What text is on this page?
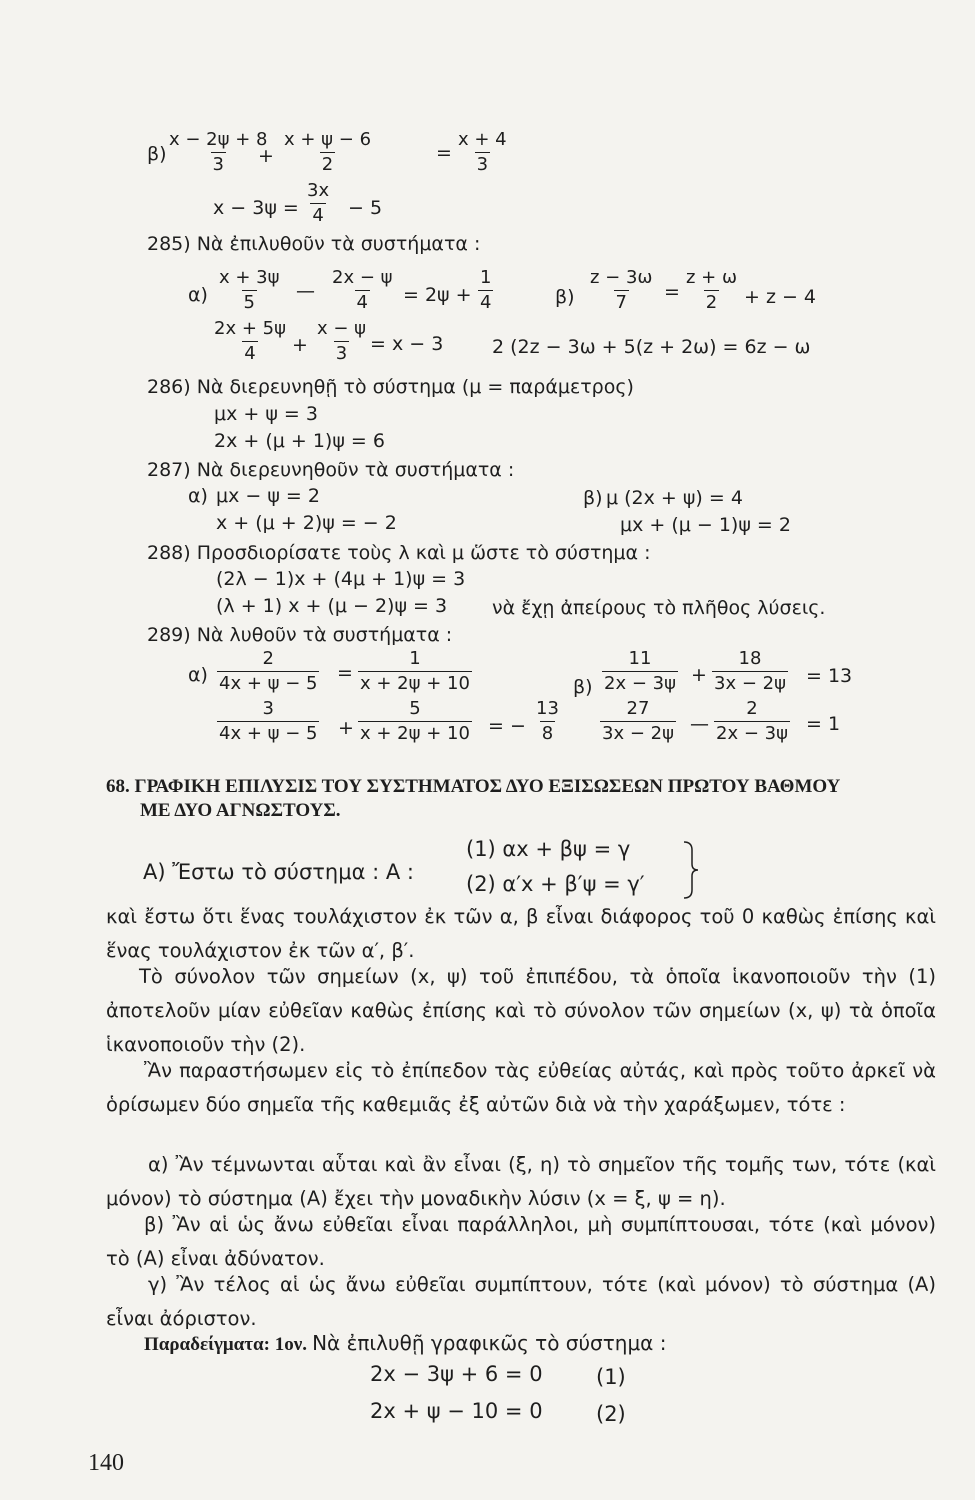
$\beta) \frac{x - 2\psi + 8}{3}$
+ $\frac{x + \psi - 6}{2}$	= $\frac{x + 4}{3}$
$x - 3\psi = \frac{3x}{4} - 5$
285) Νὰ ἐπιλυθοῦν τὰ συστήματα :
$\alpha) \frac{x + 3\psi}{5}$ — $\frac{2x - \psi}{4} = 2\psi + \frac{1}{4}$
$\frac{2x + 5\psi}{4} + \frac{x - \psi}{3} = x - 3$
$\beta) \frac{z - 3\omega}{7} = \frac{z + \omega}{2} + z - 4$
2 (2z − 3ω + 5(z + 2ω) = 6z − ω
286) Νὰ διερευνηθῇ τὸ σύστημα (μ = παράμετρος)
μx + ψ = 3
2x + (μ + 1)ψ = 6
287) Νὰ διερευνηθοῦν τὰ συστήματα :
α) μx − ψ = 2
x + (μ + 2)ψ = − 2
β) μ (2x + ψ) = 4
μx + (μ − 1)ψ = 2
288) Προσδιορίσατε τοὺς λ καὶ μ ὥστε τὸ σύστημα :
(2λ − 1)x + (4μ + 1)ψ = 3
(λ + 1) x + (μ − 2)ψ = 3 νὰ ἔχῃ ἀπείρους τὸ πλῆθος λύσεις.
289) Νὰ λυθοῦν τὰ συστήματα :
$\alpha) \frac{2}{4x + \psi - 5} = \frac{1}{x + 2\psi + 10}$
$\frac{3}{4x + \psi - 5} + \frac{5}{x + 2\psi + 10}$ = − $\frac{13}{8}$
$\beta) \frac{11}{2x - 3\psi} + \frac{18}{3x - 2\psi} = 13$
$\frac{27}{3x - 2\psi}$ — $\frac{2}{2x - 3\psi} = 1$
68. ΓΡΑΦΙΚΗ ΕΠΙΛΥΣΙΣ ΤΟΥ ΣΥΣΤΗΜΑΤΟΣ ΔΥΟ ΕΞΙΣΩΣΕΩΝ ΠΡΩΤΟΥ ΒΑΘΜΟΥ
ΜΕ ΔΥΟ ΑΓΝΩΣΤΟΥΣ.
Α) Ἔστω τὸ σύστημα : Α :
(1) αx + βψ = γ
(2) α′x + β′ψ = γ′
καὶ ἔστω ὅτι ἕνας τουλάχιστον ἐκ τῶν α, β εἶναι διάφορος τοῦ 0 καθὼς ἐπίσης καὶ ἕνας τουλάχιστον ἐκ τῶν α′, β′.
Τὸ σύνολον τῶν σημείων (x, ψ) τοῦ ἐπιπέδου, τὰ ὁποῖα ἱκανοποιοῦν τὴν (1) ἀποτελοῦν μίαν εὐθεῖαν καθὼς ἐπίσης καὶ τὸ σύνολον τῶν σημείων (x, ψ) τὰ ὁποῖα ἱκανοποιοῦν τὴν (2).
Ἂν παραστήσωμεν εἰς τὸ ἐπίπεδον τὰς εὐθείας αὐτάς, καὶ πρὸς τοῦτο ἀρκεῖ νὰ ὁρίσωμεν δύο σημεῖα τῆς καθεμιᾶς ἐξ αὐτῶν διὰ νὰ τὴν χαράξωμεν, τότε :
α) Ἂν τέμνωνται αὗται καὶ ἂν εἶναι (ξ, η) τὸ σημεῖον τῆς τομῆς των, τότε (καὶ μόνον) τὸ σύστημα (Α) ἔχει τὴν μοναδικὴν λύσιν (x = ξ, ψ = η).
β) Ἂν αἱ ὡς ἄνω εὐθεῖαι εἶναι παράλληλοι, μὴ συμπίπτουσαι, τότε (καὶ μόνον) τὸ (Α) εἶναι ἀδύνατον.
γ) Ἂν τέλος αἱ ὡς ἄνω εὐθεῖαι συμπίπτουν, τότε (καὶ μόνον) τὸ σύστημα (Α) εἶναι ἀόριστον.
Παραδείγματα: 1ον. Νὰ ἐπιλυθῇ γραφικῶς τὸ σύστημα :
2x − 3ψ + 6 = 0	(1)
2x + ψ − 10 = 0	(2)
140
